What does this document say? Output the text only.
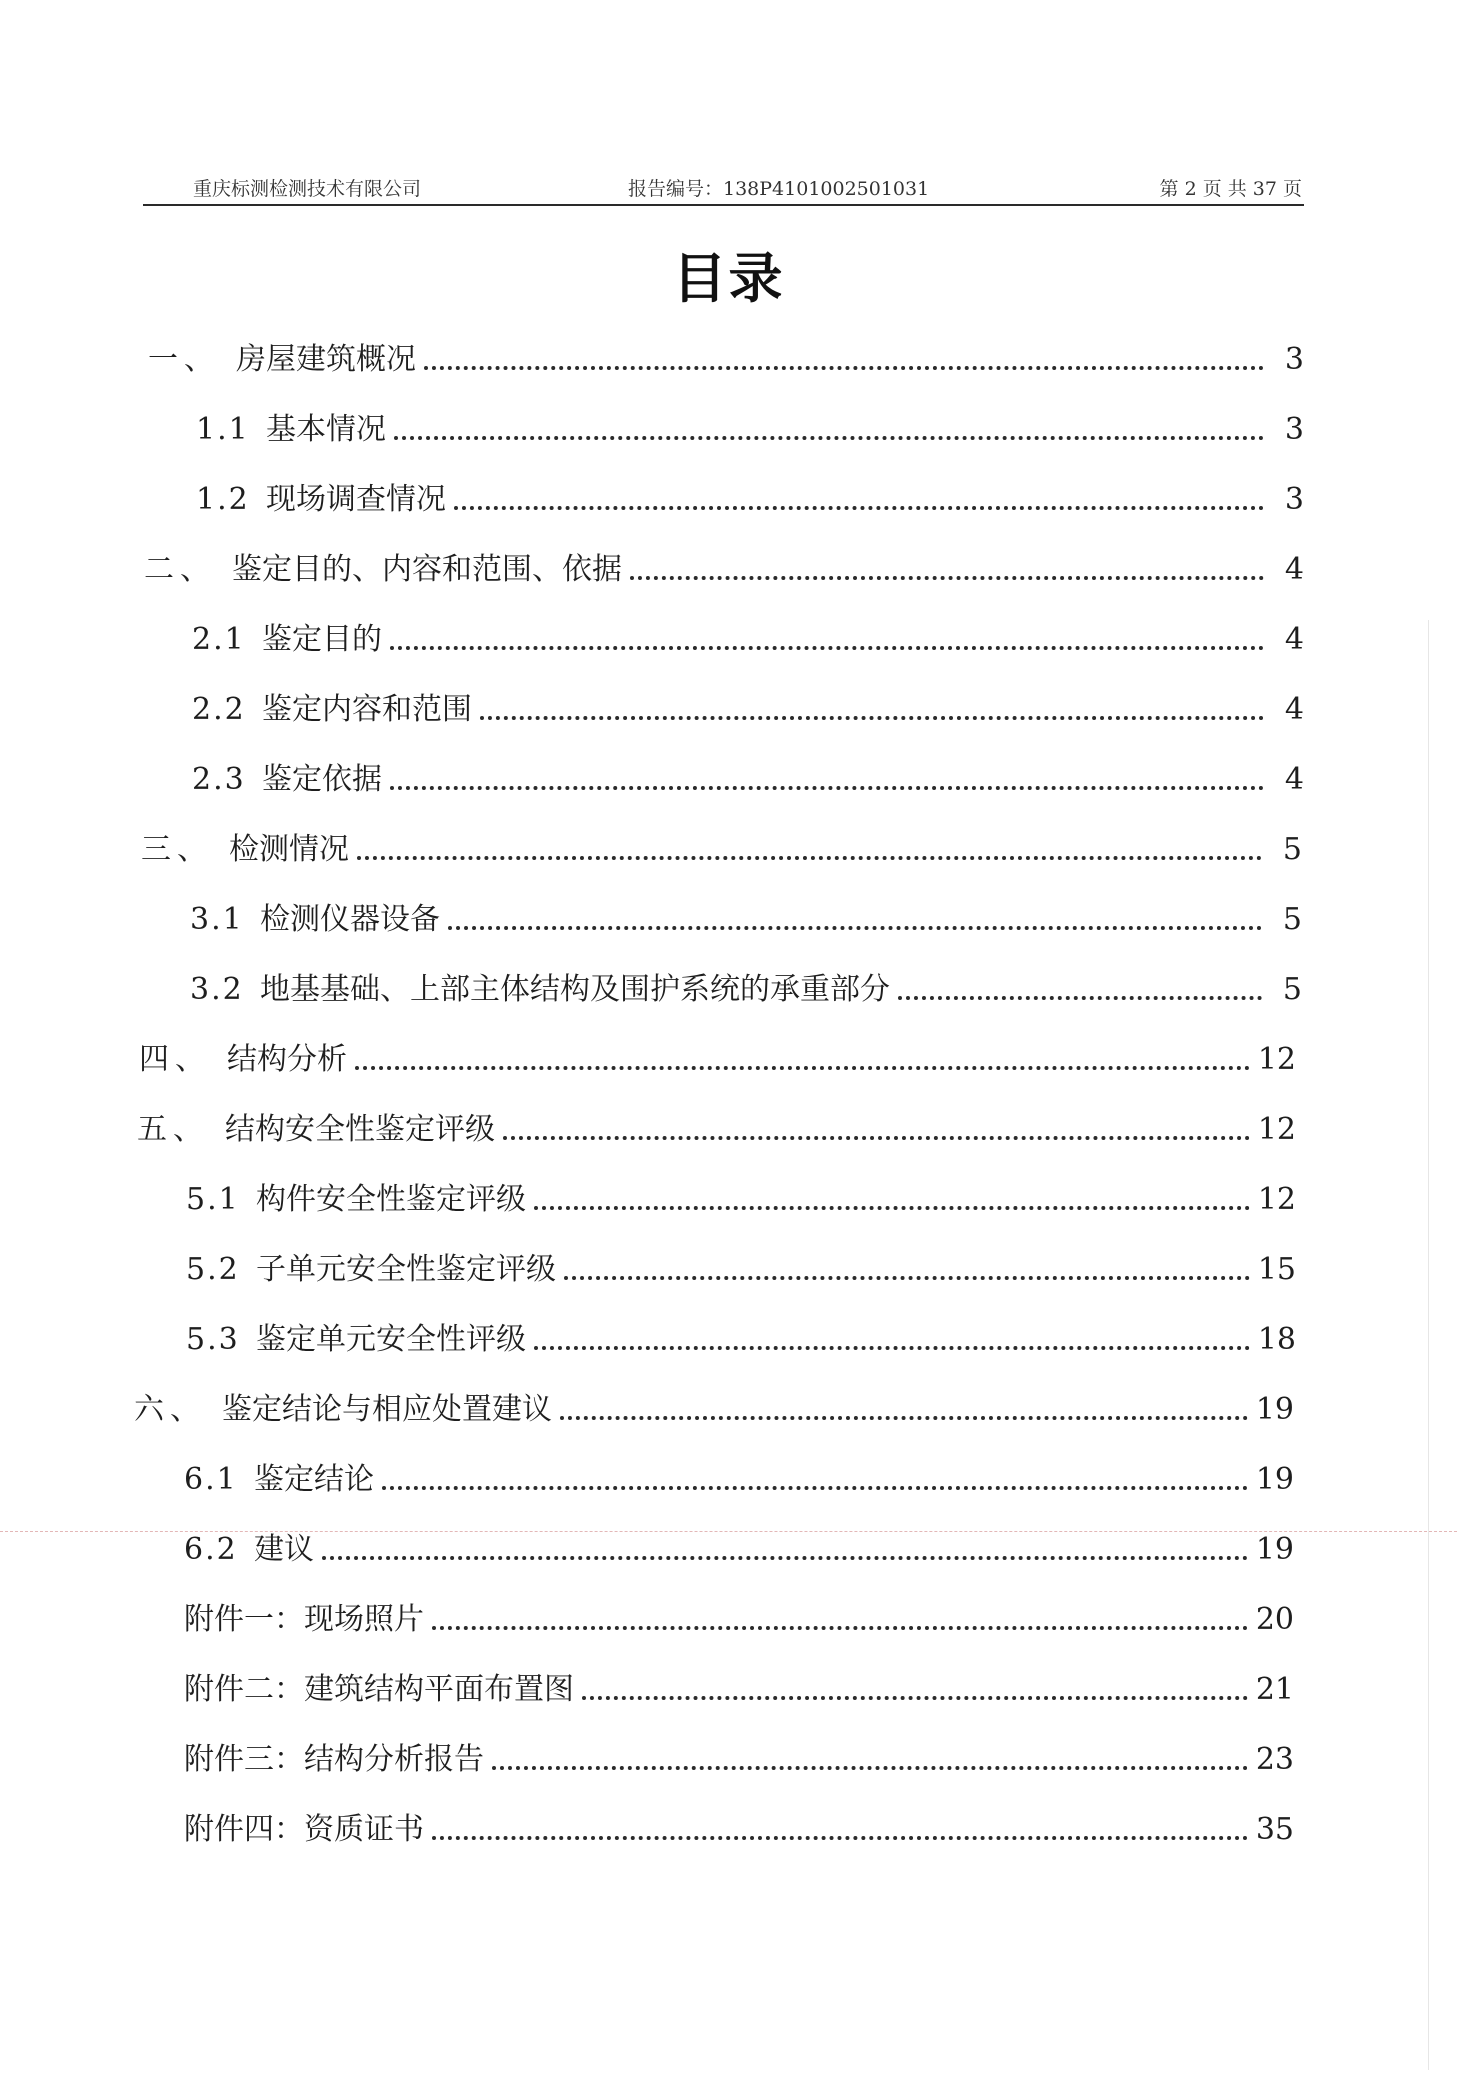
重庆标测检测技术有限公司	报告编号：138P4101002501031	第 2 页 共 37 页
目录
一、 房屋建筑概况	3
1.1 基本情况	3
1.2 现场调查情况	3
二、 鉴定目的、内容和范围、依据	4
2.1 鉴定目的	4
2.2 鉴定内容和范围	4
2.3 鉴定依据	4
三、 检测情况	5
3.1 检测仪器设备	5
3.2 地基基础、上部主体结构及围护系统的承重部分	5
四、 结构分析	12
五、 结构安全性鉴定评级	12
5.1 构件安全性鉴定评级	12
5.2 子单元安全性鉴定评级	15
5.3 鉴定单元安全性评级	18
六、 鉴定结论与相应处置建议	19
6.1 鉴定结论	19
6.2 建议	19
附件一：现场照片	20
附件二：建筑结构平面布置图	21
附件三：结构分析报告	23
附件四：资质证书	35
